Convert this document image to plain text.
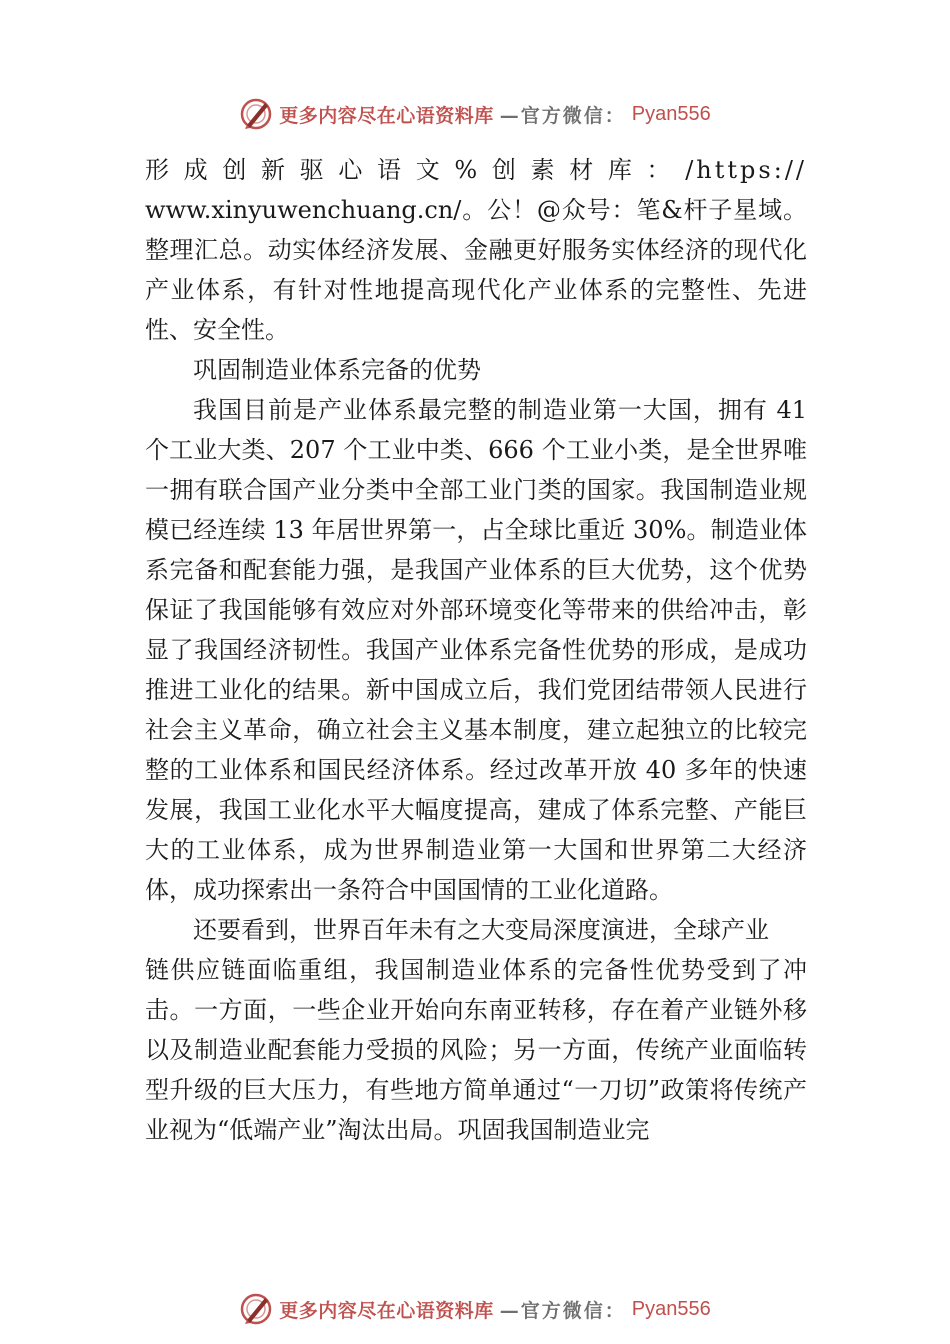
更多内容尽在心语资料库 —官方微信： Pyan556

形成创新驱心语文%创素材库：/https://

www.xinyuwenchuang.cn/。公！@众号：笔&杆子星域。整理汇总。动实体经济发展、金融更好服务实体经济的现代化产业体系，有针对性地提高现代化产业体系的完整性、先进性、安全性。

巩固制造业体系完备的优势

我国目前是产业体系最完整的制造业第一大国，拥有 41 个工业大类、207 个工业中类、666 个工业小类，是全世界唯一拥有联合国产业分类中全部工业门类的国家。我国制造业规模已经连续 13 年居世界第一，占全球比重近 30%。制造业体系完备和配套能力强，是我国产业体系的巨大优势，这个优势保证了我国能够有效应对外部环境变化等带来的供给冲击，彰显了我国经济韧性。我国产业体系完备性优势的形成，是成功推进工业化的结果。新中国成立后，我们党团结带领人民进行社会主义革命，确立社会主义基本制度，建立起独立的比较完整的工业体系和国民经济体系。经过改革开放 40 多年的快速发展，我国工业化水平大幅度提高，建成了体系完整、产能巨大的工业体系，成为世界制造业第一大国和世界第二大经济体，成功探索出一条符合中国国情的工业化道路。

还要看到，世界百年未有之大变局深度演进，全球产业

链供应链面临重组，我国制造业体系的完备性优势受到了冲击。一方面，一些企业开始向东南亚转移，存在着产业链外移以及制造业配套能力受损的风险；另一方面，传统产业面临转型升级的巨大压力，有些地方简单通过“一刀切”政策将传统产业视为“低端产业”淘汰出局。巩固我国制造业完

更多内容尽在心语资料库 —官方微信： Pyan556
